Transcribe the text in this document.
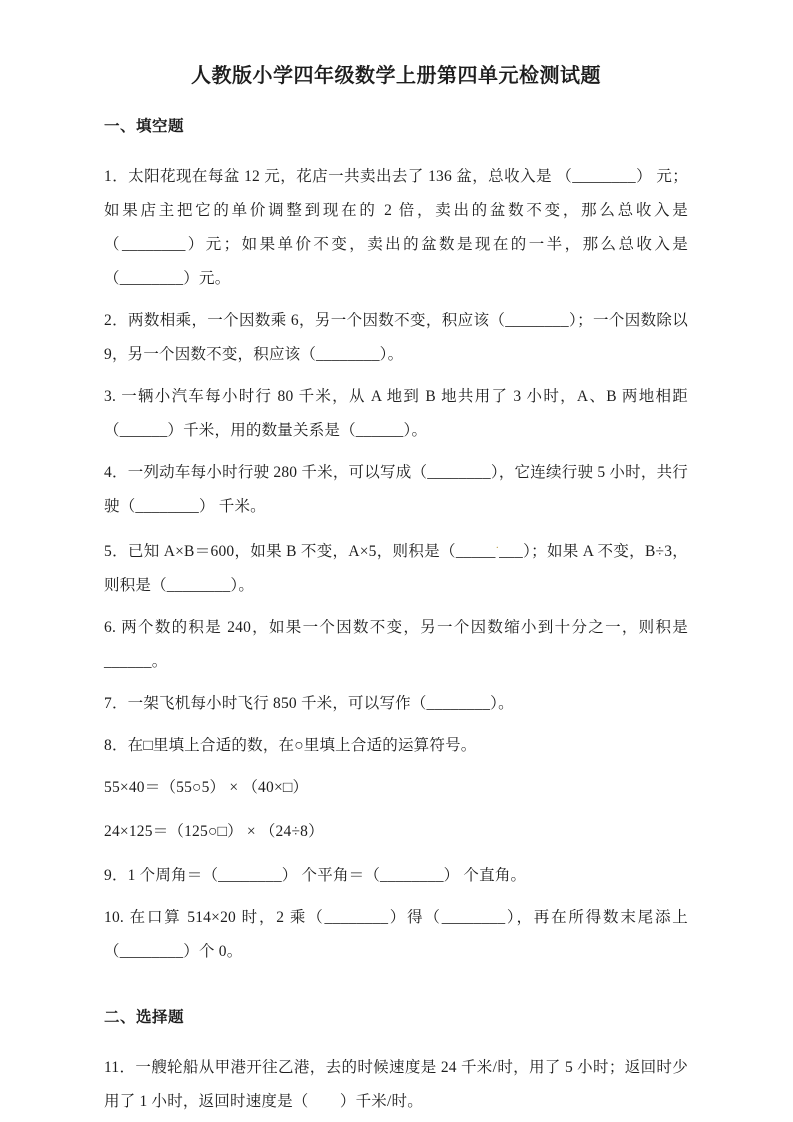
人教版小学四年级数学上册第四单元检测试题
一、填空题

1．太阳花现在每盆 12 元，花店一共卖出去了 136 盆，总收入是 （________） 元；如果店主把它的单价调整到现在的 2 倍，卖出的盆数不变，那么总收入是（________）元；如果单价不变，卖出的盆数是现在的一半，那么总收入是（________）元。

2．两数相乘，一个因数乘 6，另一个因数不变，积应该（________）；一个因数除以 9，另一个因数不变，积应该（________）。

3. 一辆小汽车每小时行 80 千米，从 A 地到 B 地共用了 3 小时，A、B 两地相距（______）千米，用的数量关系是（______）。

4．一列动车每小时行驶 280 千米，可以写成（________），它连续行驶 5 小时，共行驶（________） 千米。

5．已知 A×B＝600，如果 B 不变，A×5，则积是（_____·___）；如果 A 不变，B÷3，则积是（________）。

6. 两个数的积是 240，如果一个因数不变，另一个因数缩小到十分之一，则积是______。

7．一架飞机每小时飞行 850 千米，可以写作（________）。

8．在□里填上合适的数，在○里填上合适的运算符号。

55×40＝（55○5） × （40×□）

24×125＝（125○□） × （24÷8）

9．1 个周角＝（________） 个平角＝（________） 个直角。

10. 在口算 514×20 时，2 乘（________）得（________），再在所得数末尾添上（________）个 0。

二、选择题

11．一艘轮船从甲港开往乙港，去的时候速度是 24 千米/时，用了 5 小时；返回时少用了 1 小时，返回时速度是（　　）千米/时。
